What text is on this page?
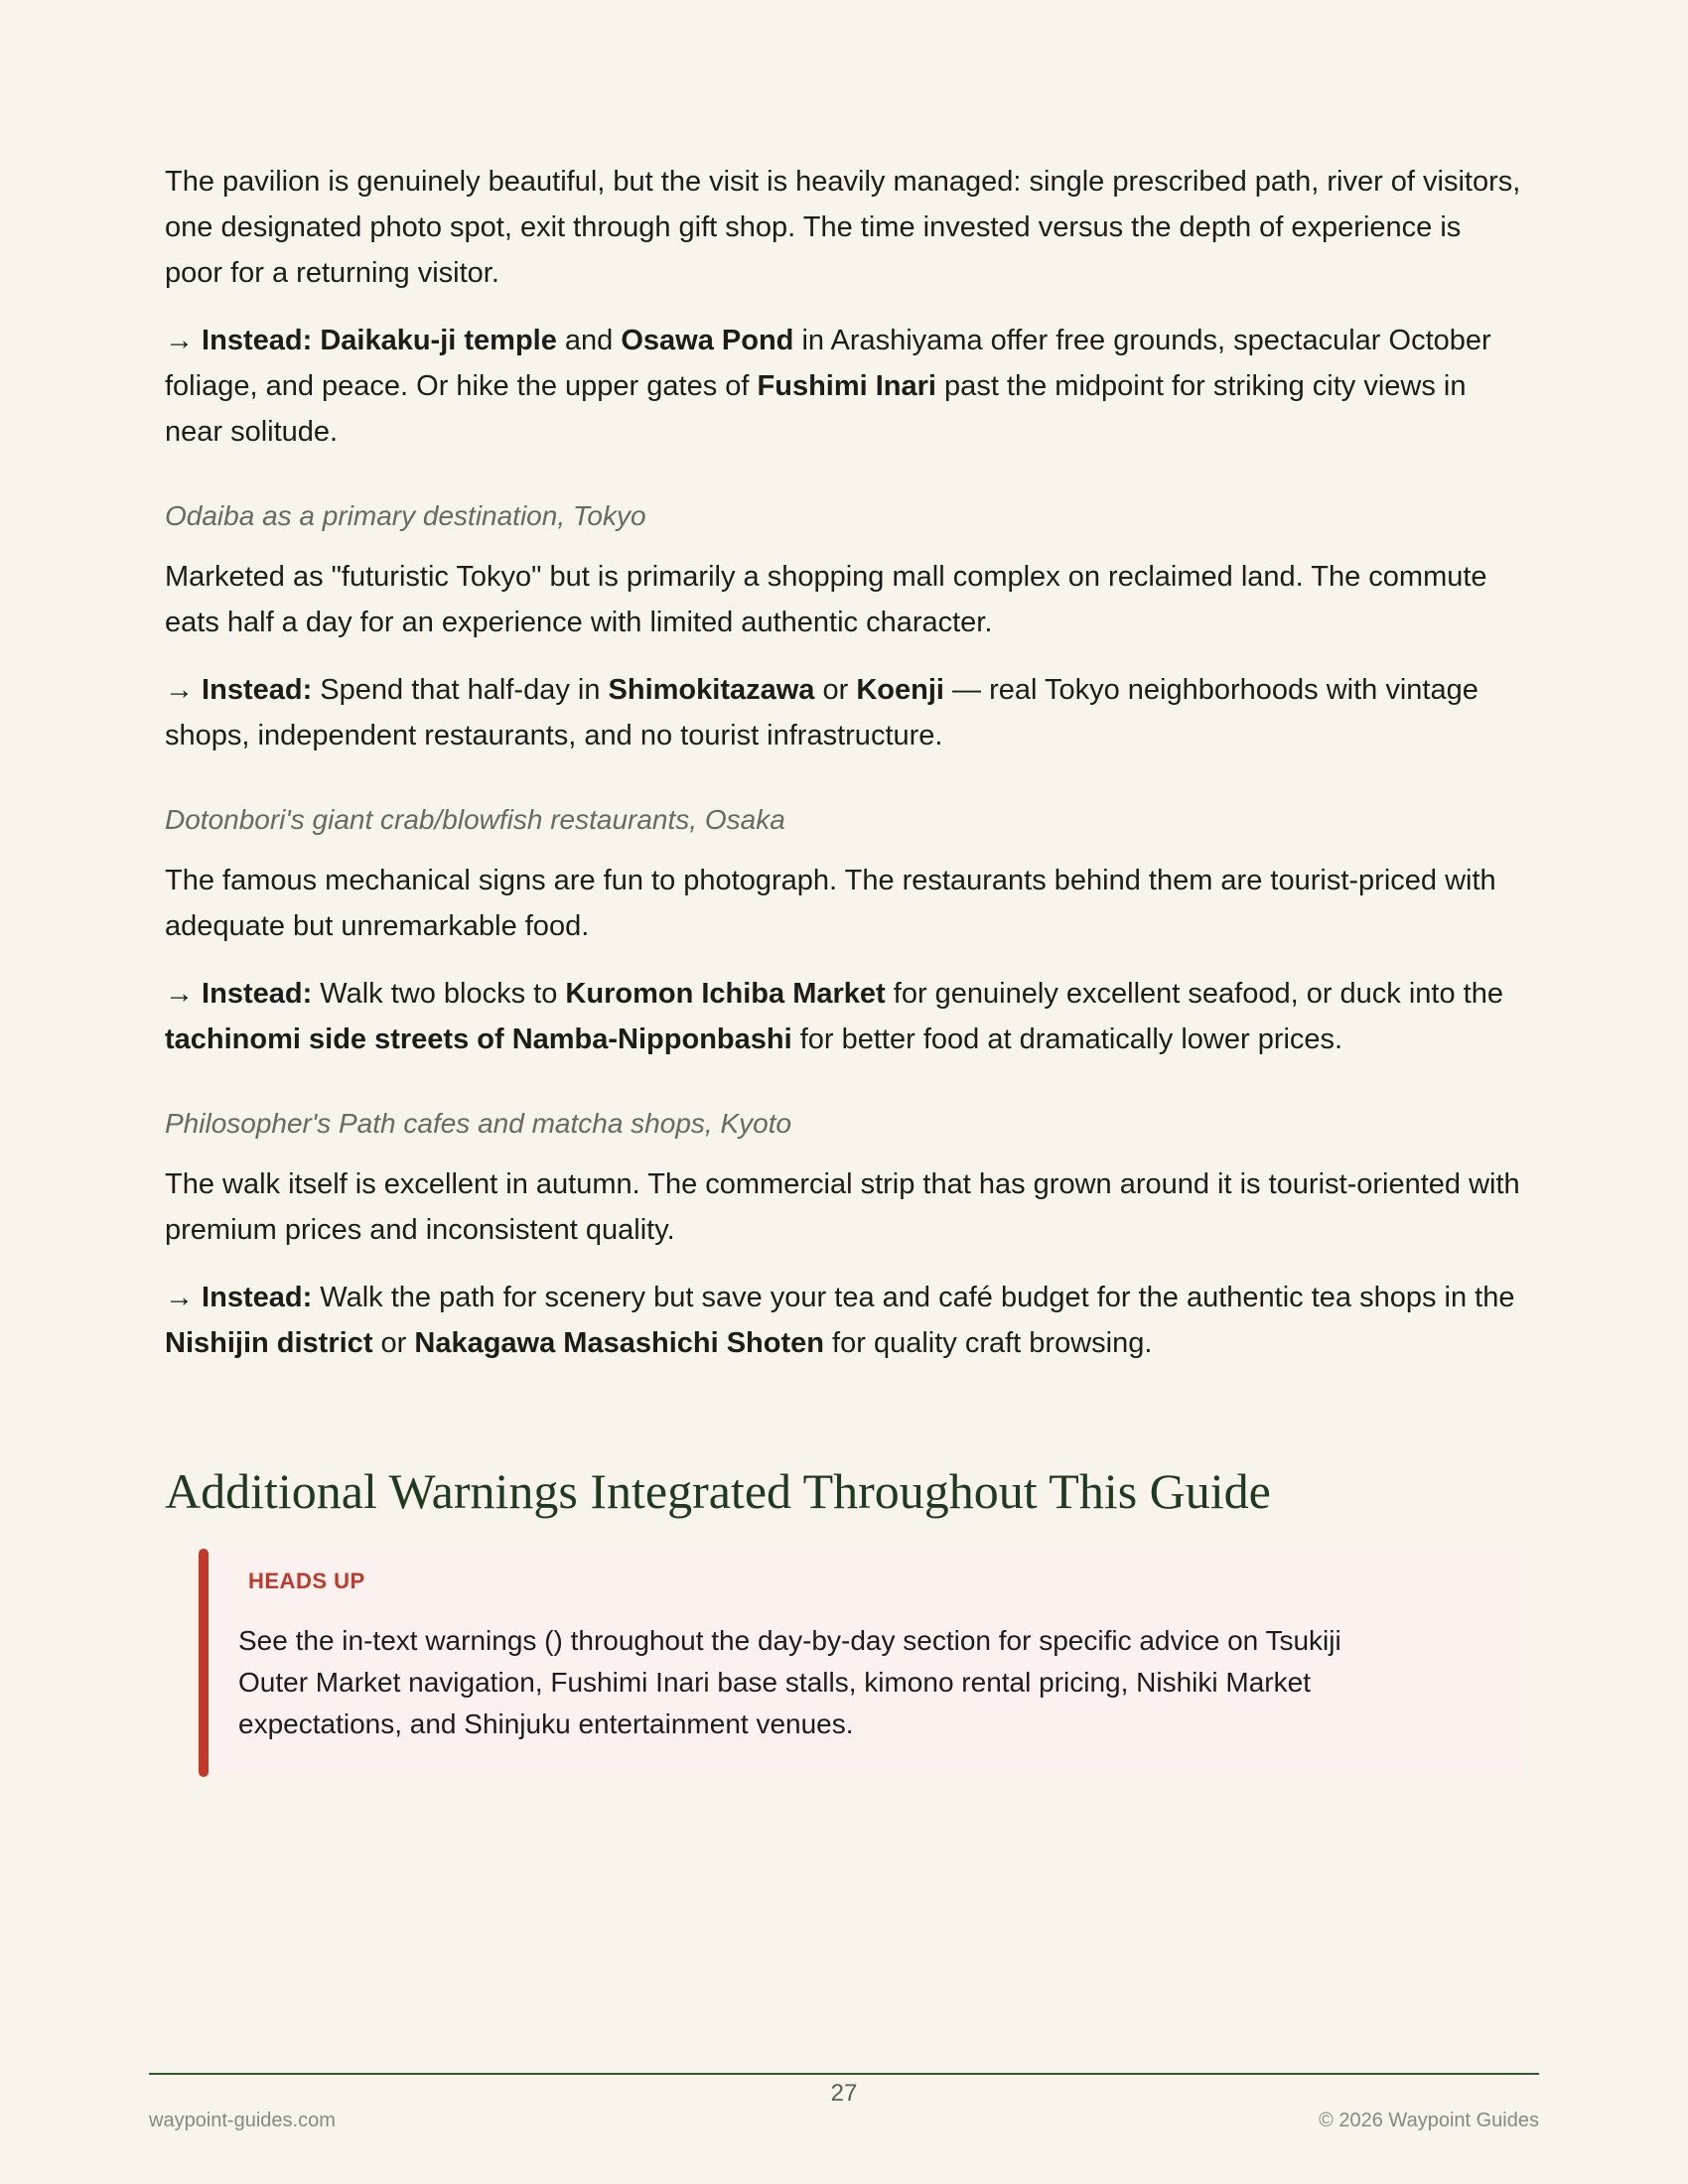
The pavilion is genuinely beautiful, but the visit is heavily managed: single prescribed path, river of visitors, one designated photo spot, exit through gift shop. The time invested versus the depth of experience is poor for a returning visitor.

→ Instead: Daikaku-ji temple and Osawa Pond in Arashiyama offer free grounds, spectacular October foliage, and peace. Or hike the upper gates of Fushimi Inari past the midpoint for striking city views in near solitude.

Odaiba as a primary destination, Tokyo

Marketed as "futuristic Tokyo" but is primarily a shopping mall complex on reclaimed land. The commute eats half a day for an experience with limited authentic character.

→ Instead: Spend that half-day in Shimokitazawa or Koenji — real Tokyo neighborhoods with vintage shops, independent restaurants, and no tourist infrastructure.

Dotonbori's giant crab/blowfish restaurants, Osaka

The famous mechanical signs are fun to photograph. The restaurants behind them are tourist-priced with adequate but unremarkable food.

→ Instead: Walk two blocks to Kuromon Ichiba Market for genuinely excellent seafood, or duck into the tachinomi side streets of Namba-Nipponbashi for better food at dramatically lower prices.

Philosopher's Path cafes and matcha shops, Kyoto

The walk itself is excellent in autumn. The commercial strip that has grown around it is tourist-oriented with premium prices and inconsistent quality.

→ Instead: Walk the path for scenery but save your tea and café budget for the authentic tea shops in the Nishijin district or Nakagawa Masashichi Shoten for quality craft browsing.

Additional Warnings Integrated Throughout This Guide
HEADS UP

See the in-text warnings () throughout the day-by-day section for specific advice on Tsukiji Outer Market navigation, Fushimi Inari base stalls, kimono rental pricing, Nishiki Market expectations, and Shinjuku entertainment venues.

27
waypoint-guides.com	© 2026 Waypoint Guides
